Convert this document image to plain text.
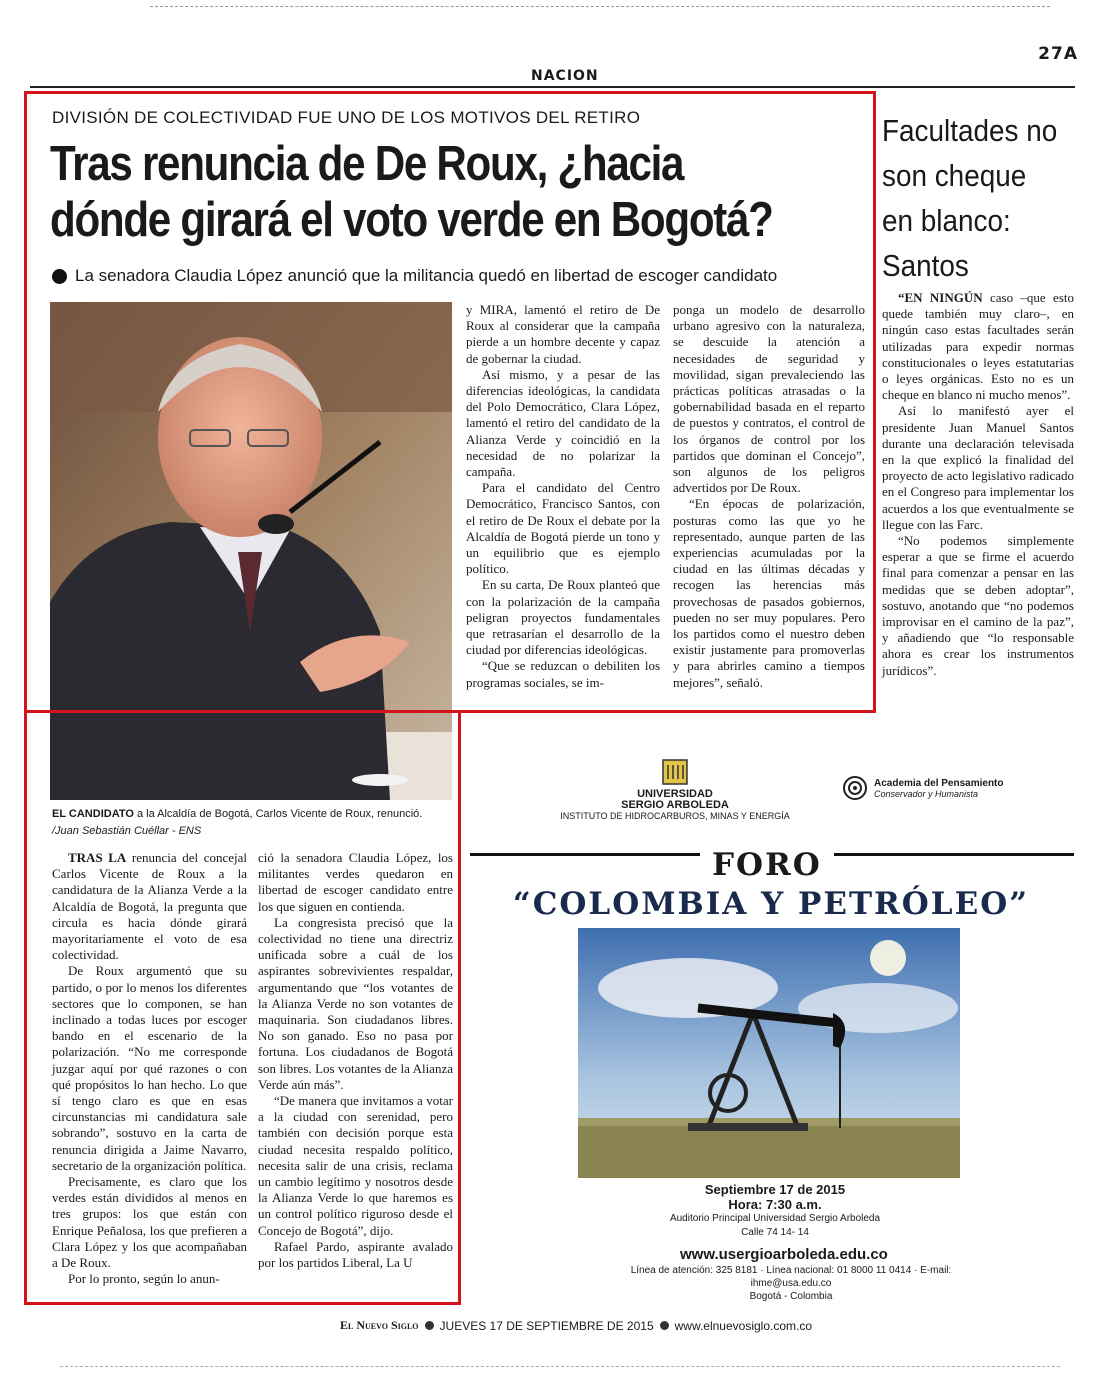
27A
NACION
DIVISIÓN DE COLECTIVIDAD FUE UNO DE LOS MOTIVOS DEL RETIRO
Tras renuncia de De Roux, ¿hacia
dónde girará el voto verde en Bogotá?
La senadora Claudia López anunció que la militancia quedó en libertad de escoger candidato
EL CANDIDATO a la Alcaldía de Bogotá, Carlos Vicente de Roux, renunció. /Juan Sebastián Cuéllar - ENS

y MIRA, lamentó el retiro de De Roux al considerar que la campaña pierde a un hombre decente y capaz de gobernar la ciudad.

Así mismo, y a pesar de las diferencias ideológicas, la candidata del Polo Democrático, Clara López, lamentó el retiro del candidato de la Alianza Verde y coincidió en la necesidad de no polarizar la campaña.

Para el candidato del Centro Democrático, Francisco Santos, con el retiro de De Roux el debate por la Alcaldía de Bogotá pierde un tono y un equilibrio que es ejemplo político.

En su carta, De Roux planteó que con la polarización de la campaña peligran proyectos fundamentales que retrasarían el desarrollo de la ciudad por diferencias ideológicas.

“Que se reduzcan o debiliten los programas sociales, se im-

ponga un modelo de desarrollo urbano agresivo con la naturaleza, se descuide la atención a necesidades de seguridad y movilidad, sigan prevaleciendo las prácticas políticas atrasadas o la gobernabilidad basada en el reparto de puestos y contratos, el control de los órganos de control por los partidos que dominan el Concejo”, son algunos de los peligros advertidos por De Roux.

“En épocas de polarización, posturas como las que yo he representado, aunque parten de las experiencias acumuladas por la ciudad en las últimas décadas y recogen las herencias más provechosas de pasados gobiernos, pueden no ser muy populares. Pero los partidos como el nuestro deben existir justamente para promoverlas y para abrirles camino a tiempos mejores”, señaló.

TRAS LA renuncia del concejal Carlos Vicente de Roux a la candidatura de la Alianza Verde a la Alcaldía de Bogotá, la pregunta que circula es hacia dónde girará mayoritariamente el voto de esa colectividad.

De Roux argumentó que su partido, o por lo menos los diferentes sectores que lo componen, se han inclinado a todas luces por escoger bando en el escenario de la polarización. “No me corresponde juzgar aquí por qué razones o con qué propósitos lo han hecho. Lo que sí tengo claro es que en esas circunstancias mi candidatura sale sobrando”, sostuvo en la carta de renuncia dirigida a Jaime Navarro, secretario de la organización política.

Precisamente, es claro que los verdes están divididos al menos en tres grupos: los que están con Enrique Peñalosa, los que prefieren a Clara López y los que acompañaban a De Roux.

Por lo pronto, según lo anun-

ció la senadora Claudia López, los militantes verdes quedaron en libertad de escoger candidato entre los que siguen en contienda.

La congresista precisó que la colectividad no tiene una directriz unificada sobre a cuál de los aspirantes sobrevivientes respaldar, argumentando que “los votantes de la Alianza Verde no son votantes de maquinaria. Son ciudadanos libres. No son ganado. Eso no pasa por fortuna. Los ciudadanos de Bogotá son libres. Los votantes de la Alianza Verde aún más”.

“De manera que invitamos a votar a la ciudad con serenidad, pero también con decisión porque esta ciudad necesita respaldo político, necesita salir de una crisis, reclama un cambio legítimo y nosotros desde la Alianza Verde lo que haremos es un control político riguroso desde el Concejo de Bogotá”, dijo.

Rafael Pardo, aspirante avalado por los partidos Liberal, La U

Facultades no
son cheque
en blanco:
Santos

“EN NINGÚN caso –que esto quede también muy claro–, en ningún caso estas facultades serán utilizadas para expedir normas constitucionales o leyes estatutarias o leyes orgánicas. Esto no es un cheque en blanco ni mucho menos”.

Así lo manifestó ayer el presidente Juan Manuel Santos durante una declaración televisada en la que explicó la finalidad del proyecto de acto legislativo radicado en el Congreso para implementar los acuerdos a los que eventualmente se llegue con las Farc.

“No podemos simplemente esperar a que se firme el acuerdo final para comenzar a pensar en las medidas que se deben adoptar”, sostuvo, anotando que “no podemos improvisar en el camino de la paz”, y añadiendo que “lo responsable ahora es crear los instrumentos jurídicos”.

UNIVERSIDAD
SERGIO ARBOLEDA
INSTITUTO DE HIDROCARBUROS, MINAS Y ENERGÍA
Academia del Pensamiento
Conservador y Humanista
FORO
“COLOMBIA Y PETRÓLEO”
Septiembre 17 de 2015
Hora: 7:30 a.m.
Auditorio Principal Universidad Sergio Arboleda
Calle 74 14- 14
www.usergioarboleda.edu.co
Línea de atención: 325 8181 · Línea nacional: 01 8000 11 0414 · E-mail: ihme@usa.edu.co
Bogotá - Colombia
El Nuevo Siglo JUEVES 17 DE SEPTIEMBRE DE 2015 www.elnuevosiglo.com.co
